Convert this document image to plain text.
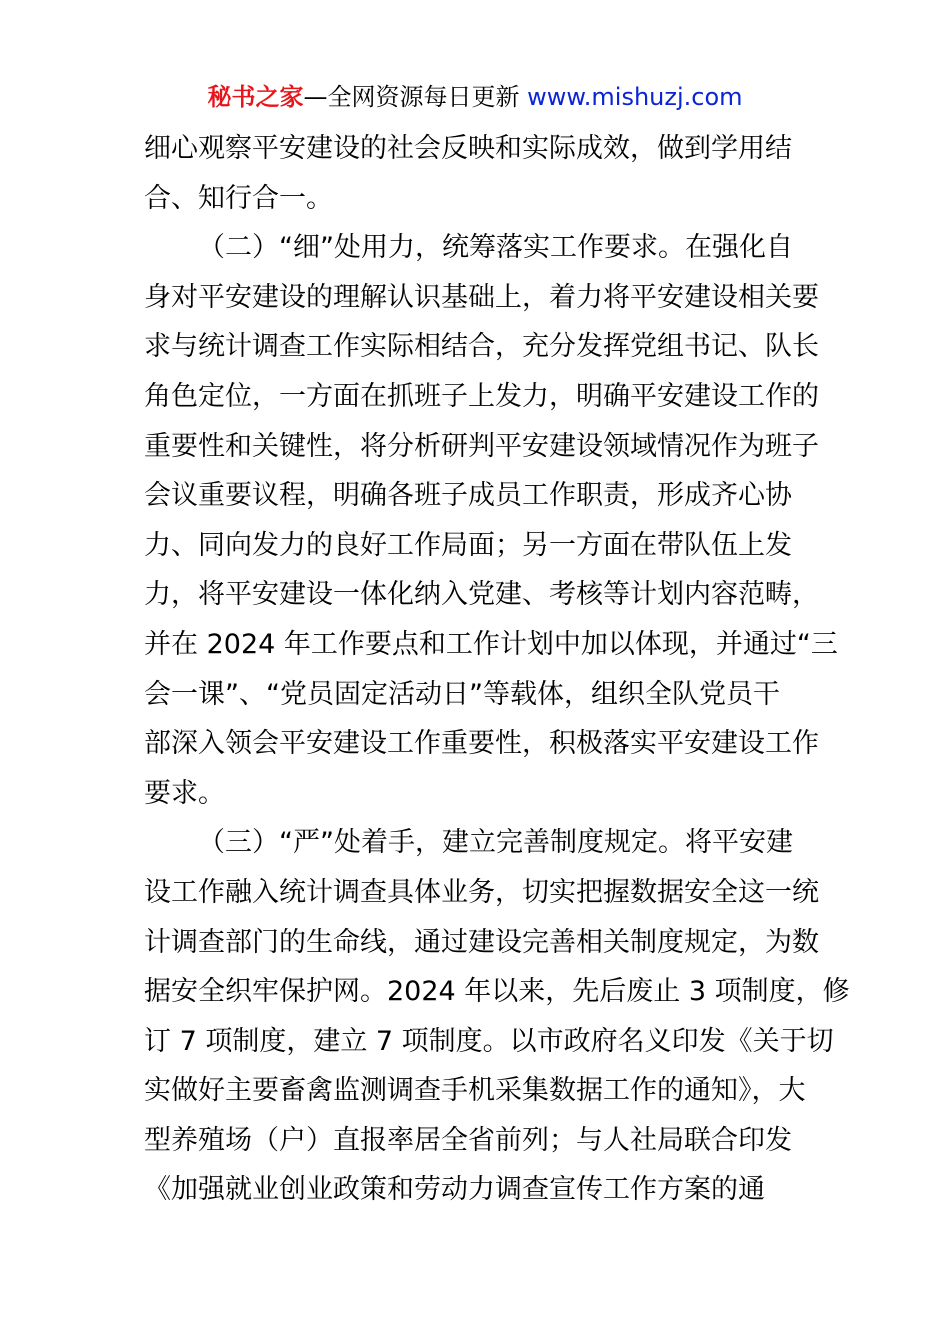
秘书之家—全网资源每日更新 www.mishuzj.com
细心观察平安建设的社会反映和实际成效，做到学用结
合、知行合一。
（二）“细”处用力，统筹落实工作要求。在强化自
身对平安建设的理解认识基础上，着力将平安建设相关要
求与统计调查工作实际相结合，充分发挥党组书记、队长
角色定位，一方面在抓班子上发力，明确平安建设工作的
重要性和关键性，将分析研判平安建设领域情况作为班子
会议重要议程，明确各班子成员工作职责，形成齐心协
力、同向发力的良好工作局面；另一方面在带队伍上发
力，将平安建设一体化纳入党建、考核等计划内容范畴，
并在 2024 年工作要点和工作计划中加以体现，并通过“三
会一课”、“党员固定活动日”等载体，组织全队党员干
部深入领会平安建设工作重要性，积极落实平安建设工作
要求。
（三）“严”处着手，建立完善制度规定。将平安建
设工作融入统计调查具体业务，切实把握数据安全这一统
计调查部门的生命线，通过建设完善相关制度规定，为数
据安全织牢保护网。2024 年以来，先后废止 3 项制度，修
订 7 项制度，建立 7 项制度。以市政府名义印发《关于切
实做好主要畜禽监测调查手机采集数据工作的通知》，大
型养殖场（户）直报率居全省前列；与人社局联合印发
《加强就业创业政策和劳动力调查宣传工作方案的通
